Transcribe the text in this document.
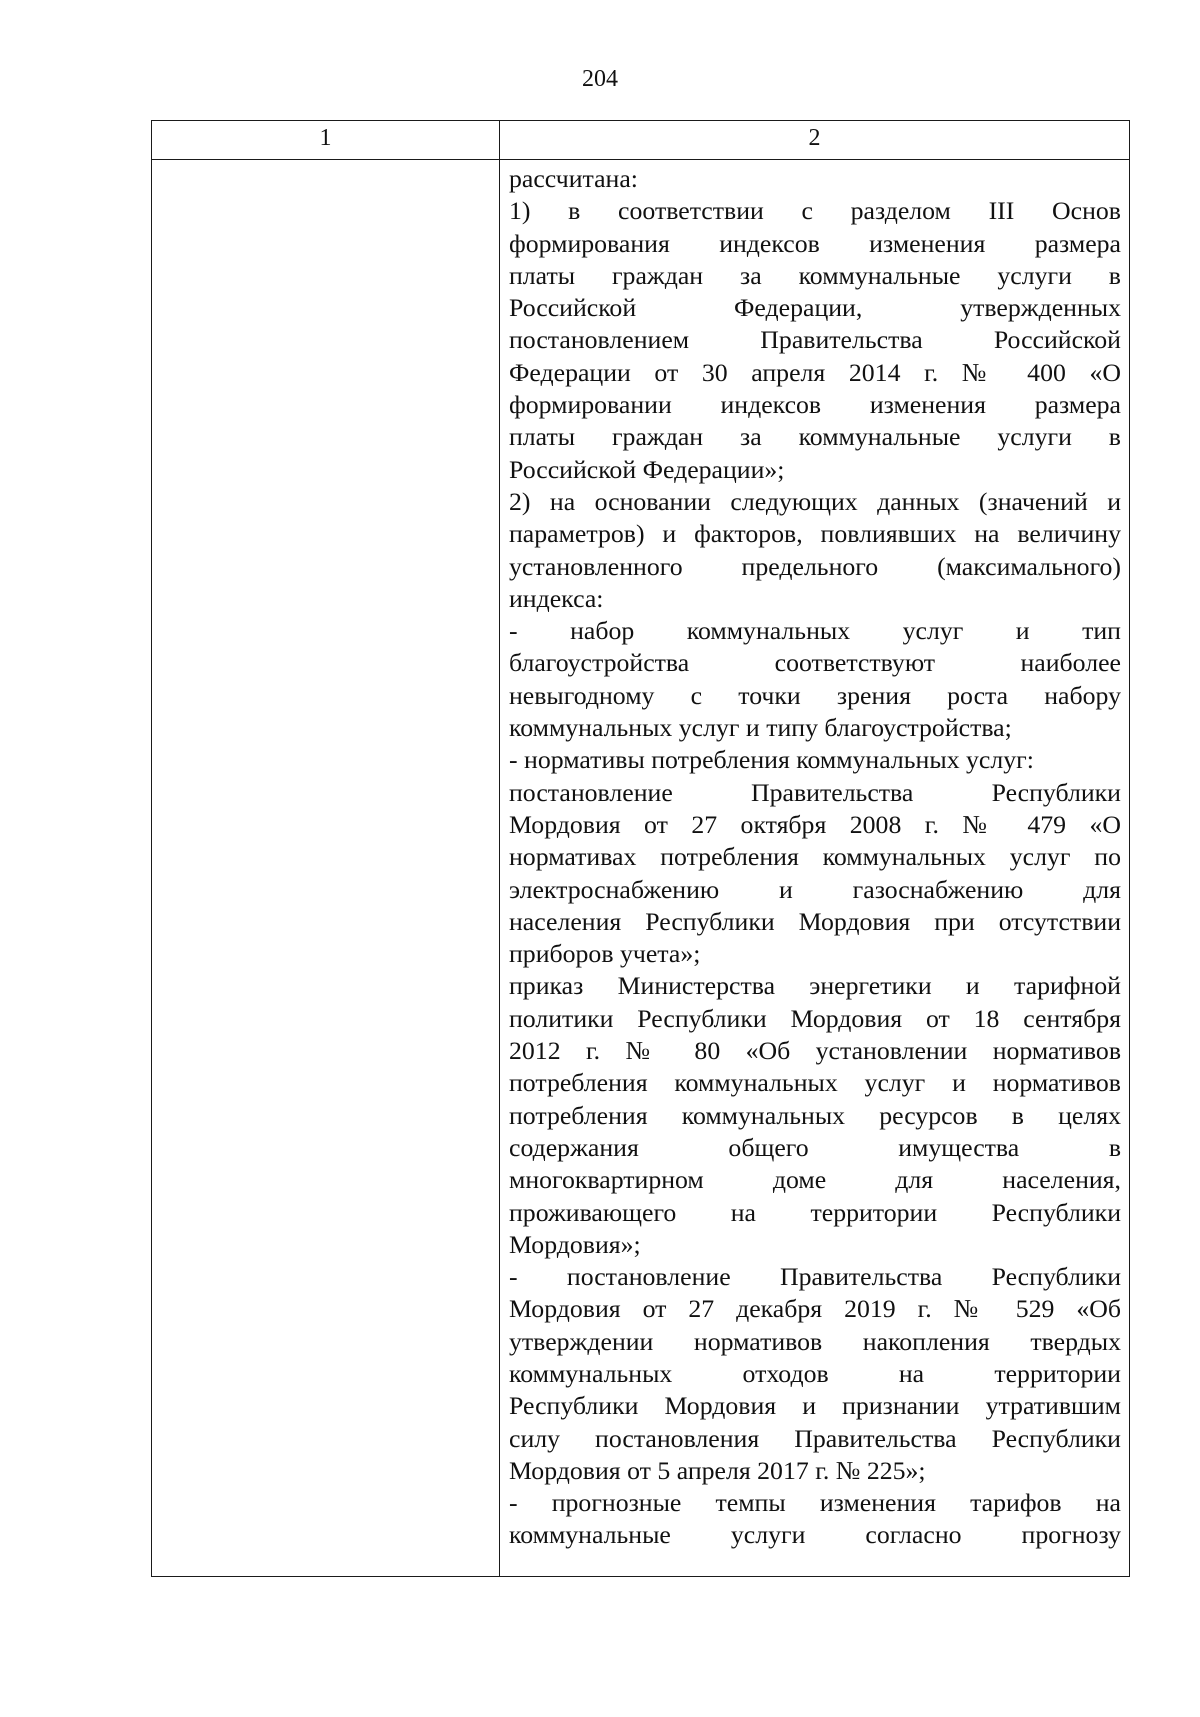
204
1	2
рассчитана:
1) в соответствии с разделом III Основ
формирования индексов изменения размера
платы граждан за коммунальные услуги в
Российской Федерации, утвержденных
постановлением Правительства Российской
Федерации от 30 апреля 2014 г. № 400 «О
формировании индексов изменения размера
платы граждан за коммунальные услуги в
Российской Федерации»;
2) на основании следующих данных (значений и
параметров) и факторов, повлиявших на величину
установленного предельного (максимального)
индекса:
- набор коммунальных услуг и тип
благоустройства соответствуют наиболее
невыгодному с точки зрения роста набору
коммунальных услуг и типу благоустройства;
- нормативы потребления коммунальных услуг:
постановление Правительства Республики
Мордовия от 27 октября 2008 г. № 479 «О
нормативах потребления коммунальных услуг по
электроснабжению и газоснабжению для
населения Республики Мордовия при отсутствии
приборов учета»;
приказ Министерства энергетики и тарифной
политики Республики Мордовия от 18 сентября
2012 г. № 80 «Об установлении нормативов
потребления коммунальных услуг и нормативов
потребления коммунальных ресурсов в целях
содержания общего имущества в
многоквартирном доме для населения,
проживающего на территории Республики
Мордовия»;
- постановление Правительства Республики
Мордовия от 27 декабря 2019 г. № 529 «Об
утверждении нормативов накопления твердых
коммунальных отходов на территории
Республики Мордовия и признании утратившим
силу постановления Правительства Республики
Мордовия от 5 апреля 2017 г. № 225»;
- прогнозные темпы изменения тарифов на
коммунальные услуги согласно прогнозу
